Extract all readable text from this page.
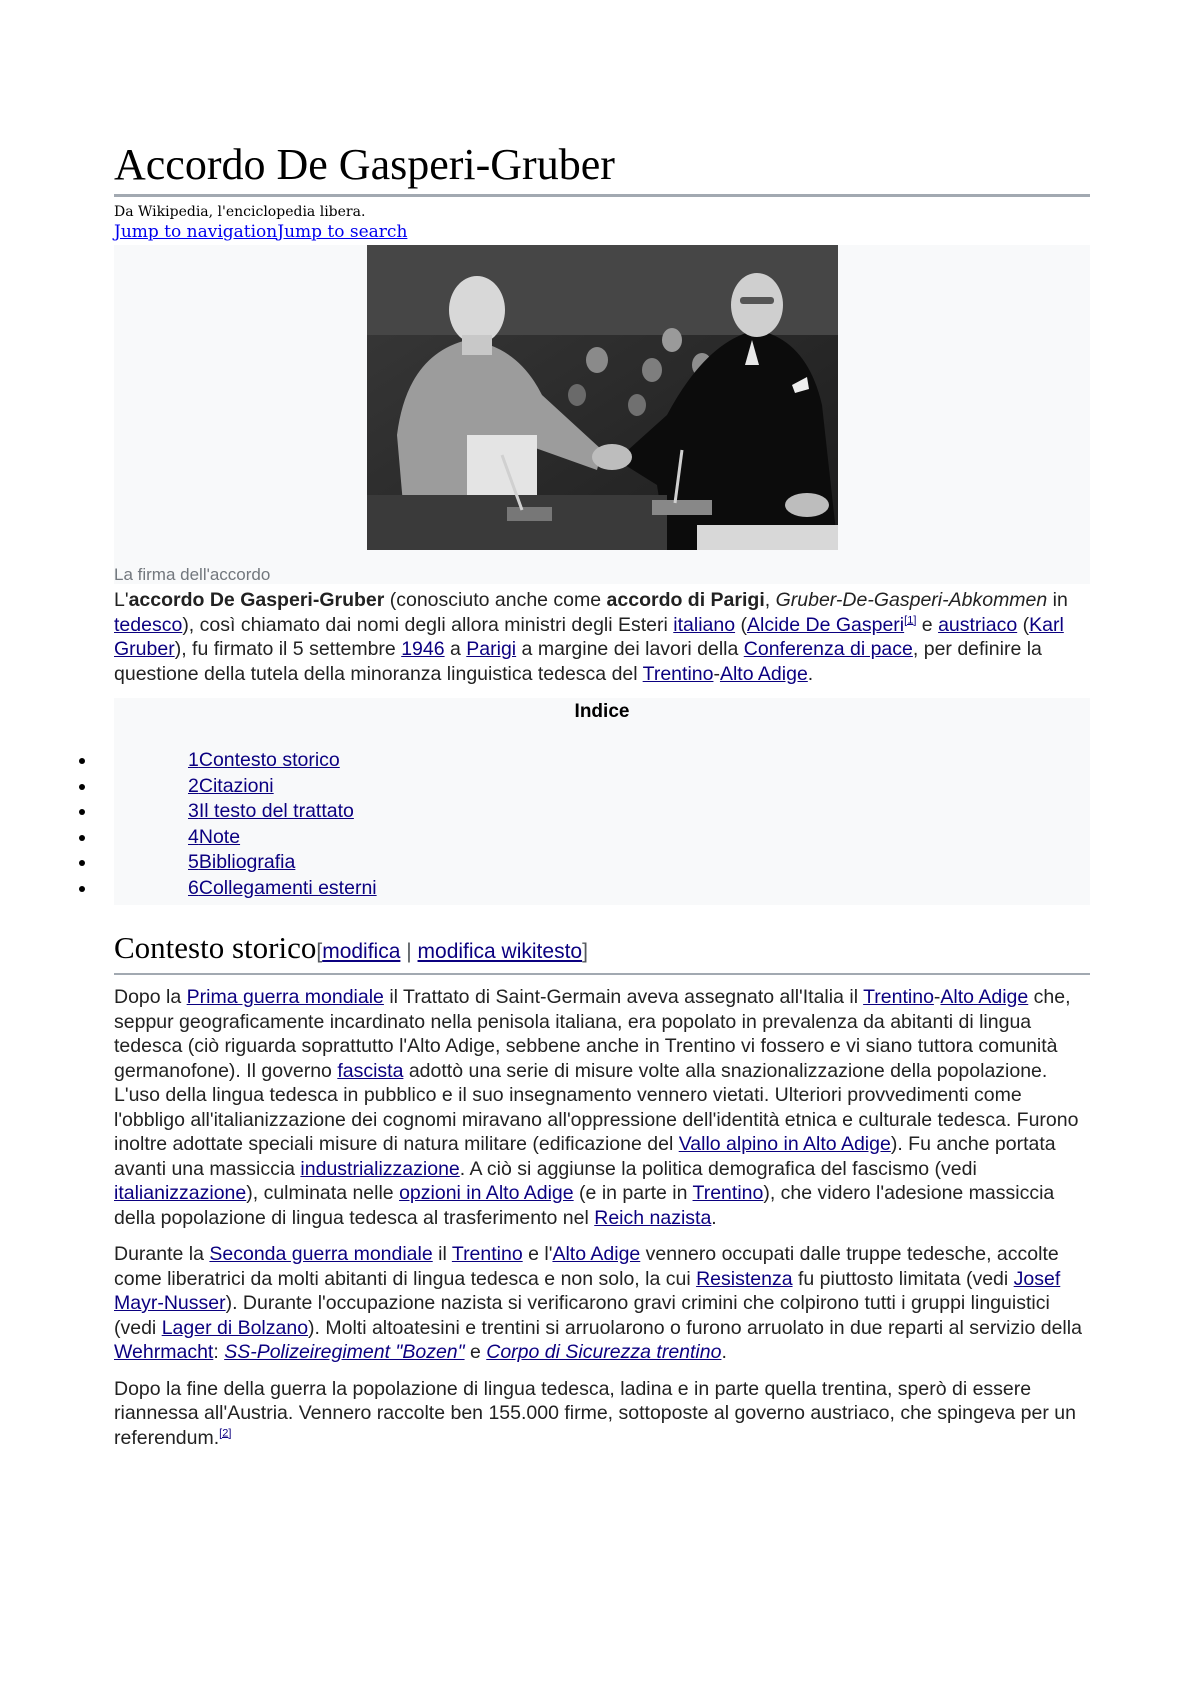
Accordo De Gasperi-Gruber
Da Wikipedia, l'enciclopedia libera.
Jump to navigationJump to search
La firma dell'accordo

L'accordo De Gasperi-Gruber (conosciuto anche come accordo di Parigi, Gruber-De-Gasperi-Abkommen in tedesco), così chiamato dai nomi degli allora ministri degli Esteri italiano (Alcide De Gasperi[1] e austriaco (Karl Gruber), fu firmato il 5 settembre 1946 a Parigi a margine dei lavori della Conferenza di pace, per definire la questione della tutela della minoranza linguistica tedesca del Trentino-Alto Adige.

Indice
1Contesto storico
2Citazioni
3Il testo del trattato
4Note
5Bibliografia
6Collegamenti esterni
Contesto storico[modifica | modifica wikitesto]

Dopo la Prima guerra mondiale il Trattato di Saint-Germain aveva assegnato all'Italia il Trentino-Alto Adige che, seppur geograficamente incardinato nella penisola italiana, era popolato in prevalenza da abitanti di lingua tedesca (ciò riguarda soprattutto l'Alto Adige, sebbene anche in Trentino vi fossero e vi siano tuttora comunità germanofone). Il governo fascista adottò una serie di misure volte alla snazionalizzazione della popolazione. L'uso della lingua tedesca in pubblico e il suo insegnamento vennero vietati. Ulteriori provvedimenti come l'obbligo all'italianizzazione dei cognomi miravano all'oppressione dell'identità etnica e culturale tedesca. Furono inoltre adottate speciali misure di natura militare (edificazione del Vallo alpino in Alto Adige). Fu anche portata avanti una massiccia industrializzazione. A ciò si aggiunse la politica demografica del fascismo (vedi italianizzazione), culminata nelle opzioni in Alto Adige (e in parte in Trentino), che videro l'adesione massiccia della popolazione di lingua tedesca al trasferimento nel Reich nazista.

Durante la Seconda guerra mondiale il Trentino e l'Alto Adige vennero occupati dalle truppe tedesche, accolte come liberatrici da molti abitanti di lingua tedesca e non solo, la cui Resistenza fu piuttosto limitata (vedi Josef Mayr-Nusser). Durante l'occupazione nazista si verificarono gravi crimini che colpirono tutti i gruppi linguistici (vedi Lager di Bolzano). Molti altoatesini e trentini si arruolarono o furono arruolato in due reparti al servizio della Wehrmacht: SS-Polizeiregiment "Bozen" e Corpo di Sicurezza trentino.

Dopo la fine della guerra la popolazione di lingua tedesca, ladina e in parte quella trentina, sperò di essere riannessa all'Austria. Vennero raccolte ben 155.000 firme, sottoposte al governo austriaco, che spingeva per un referendum.[2]
